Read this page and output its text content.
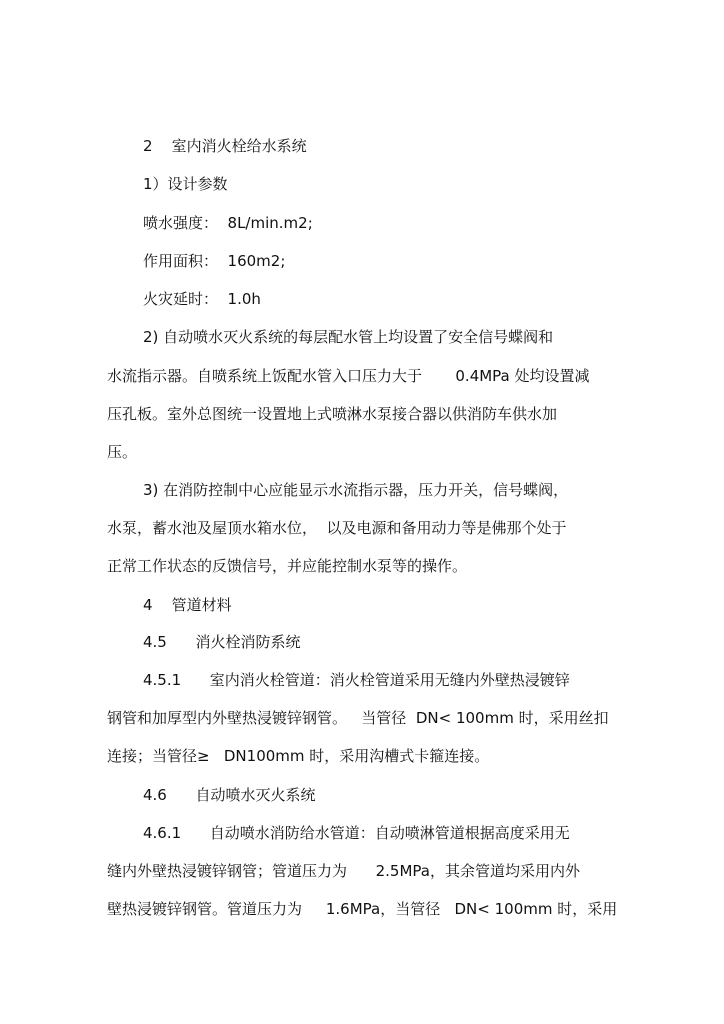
2    室内消火栓给水系统
1）设计参数
喷水强度：  8L/min.m2;
作用面积：  160m2;
火灾延时：  1.0h
2) 自动喷水灭火系统的每层配水管上均设置了安全信号蝶阀和
水流指示器。自喷系统上饭配水管入口压力大于       0.4MPa 处均设置减
压孔板。室外总图统一设置地上式喷淋水泵接合器以供消防车供水加
压。
3) 在消防控制中心应能显示水流指示器，压力开关，信号蝶阀，
水泵，蓄水池及屋顶水箱水位，  以及电源和备用动力等是佛那个处于
正常工作状态的反馈信号，并应能控制水泵等的操作。
4    管道材料
4.5      消火栓消防系统
4.5.1      室内消火栓管道：消火栓管道采用无缝内外壁热浸镀锌
钢管和加厚型内外壁热浸镀锌钢管。   当管径  DN< 100mm 时，采用丝扣
连接；当管径≥   DN100mm 时，采用沟槽式卡箍连接。
4.6      自动喷水灭火系统
4.6.1      自动喷水消防给水管道：自动喷淋管道根据高度采用无
缝内外壁热浸镀锌钢管；管道压力为      2.5MPa，其余管道均采用内外
壁热浸镀锌钢管。管道压力为     1.6MPa，当管径   DN< 100mm 时，采用
